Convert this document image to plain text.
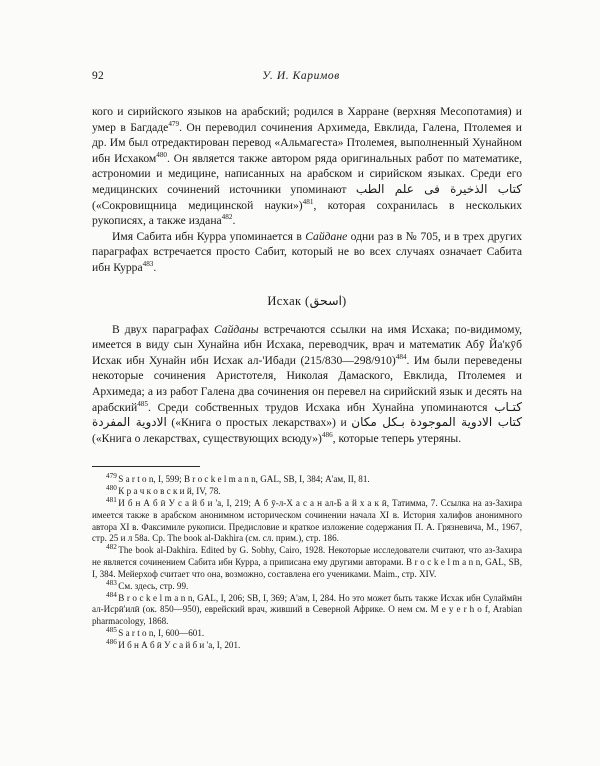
92	У. И. Каримов

кого и сирийского языков на арабский; родился в Харране (верхняя Месопотамия) и умер в Багдаде$^{479}$. Он переводил сочинения Архимеда, Евклида, Галена, Птолемея и др. Им был отредактирован перевод «Альмагеста» Птолемея, выполненный Хунайном ибн Исхаком$^{480}$. Он является также автором ряда оригинальных работ по математике, астрономии и медицине, написанных на арабском и сирийском языках. Среди его медицинских сочинений источники упоминают كتاب الذخيرة فى علم الطب («Сокровищница медицинской науки»)$^{481}$, которая сохранилась в нескольких рукописях, а также издана$^{482}$.

Имя Сабита ибн Курра упоминается в Сайдане одни раз в № 705, и в трех других параграфах встречается просто Сабит, который не во всех случаях означает Сабита ибн Курра$^{483}$.

Исхак (اسحق)

В двух параграфах Сайданы встречаются ссылки на имя Исхака; по-видимому, имеется в виду сын Хунайна ибн Исхака, переводчик, врач и математик Абӯ Йа'кӯб Исхак ибн Хунайн ибн Исхак ал-'Ибади (215/830—298/910)$^{484}$. Им были переведены некоторые сочинения Аристотеля, Николая Дамаского, Евклида, Птолемея и Архимеда; а из работ Галена два сочинения он перевел на сирийский язык и десять на арабский$^{485}$. Среди собственных трудов Исхака ибн Хунайна упоминаются كتـاب الادوية المفردة («Книга о простых лекарствах») и كتاب الادوية الموجودة بـكل مكان («Книга о лекарствах, существующих всюду»)$^{486}$, которые теперь утеряны.

$^{479}$ S a r t o n, I, 599; B r o c k e l m a n n, GAL, SB, I, 384; А'ам, II, 81.

$^{480}$ К р а ч к о в с к и й, IV, 78.

$^{481}$ И б н А б ӣ У с а й б и 'а, I, 219; А б ӯ-л-Х а с а н ал-Б а й х а к ӣ, Татимма, 7. Ссылка на аз-Захира имеется также в арабском анонимном историческом сочинении начала XI в. История халифов анонимного автора XI в. Факсимиле рукописи. Предисловие и краткое изложение содержания П. А. Грязневича, М., 1967, стр. 25 и л 58а. Ср. The book al-Dakhira (см. сл. прим.), стр. 186.

$^{482}$ The book al-Dakhira. Edited by G. Sobhy, Cairo, 1928. Некоторые исследователи считают, что аз-Захира не является сочинением Сабита ибн Курра, а приписана ему другими авторами. B r o c k e l m a n n, GAL, SB, I, 384. Мейерхоф считает что она, возможно, составлена его учениками. Maim., стр. XIV.

$^{483}$ См. здесь, стр. 99.

$^{484}$ B r o c k e l m a n n, GAL, I, 206; SB, I, 369; А'ам, I, 284. Но это может быть также Исхак ибн Сулаймӣн ал-Исрӣ'илӣ (ок. 850—950), еврейский врач, живший в Северной Африке. О нем см. M e y e r h o f, Arabian pharmacology, 1868.

$^{485}$ S a r t o n, I, 600—601.

$^{486}$ И б н А б ӣ У с а й б и 'а, I, 201.
